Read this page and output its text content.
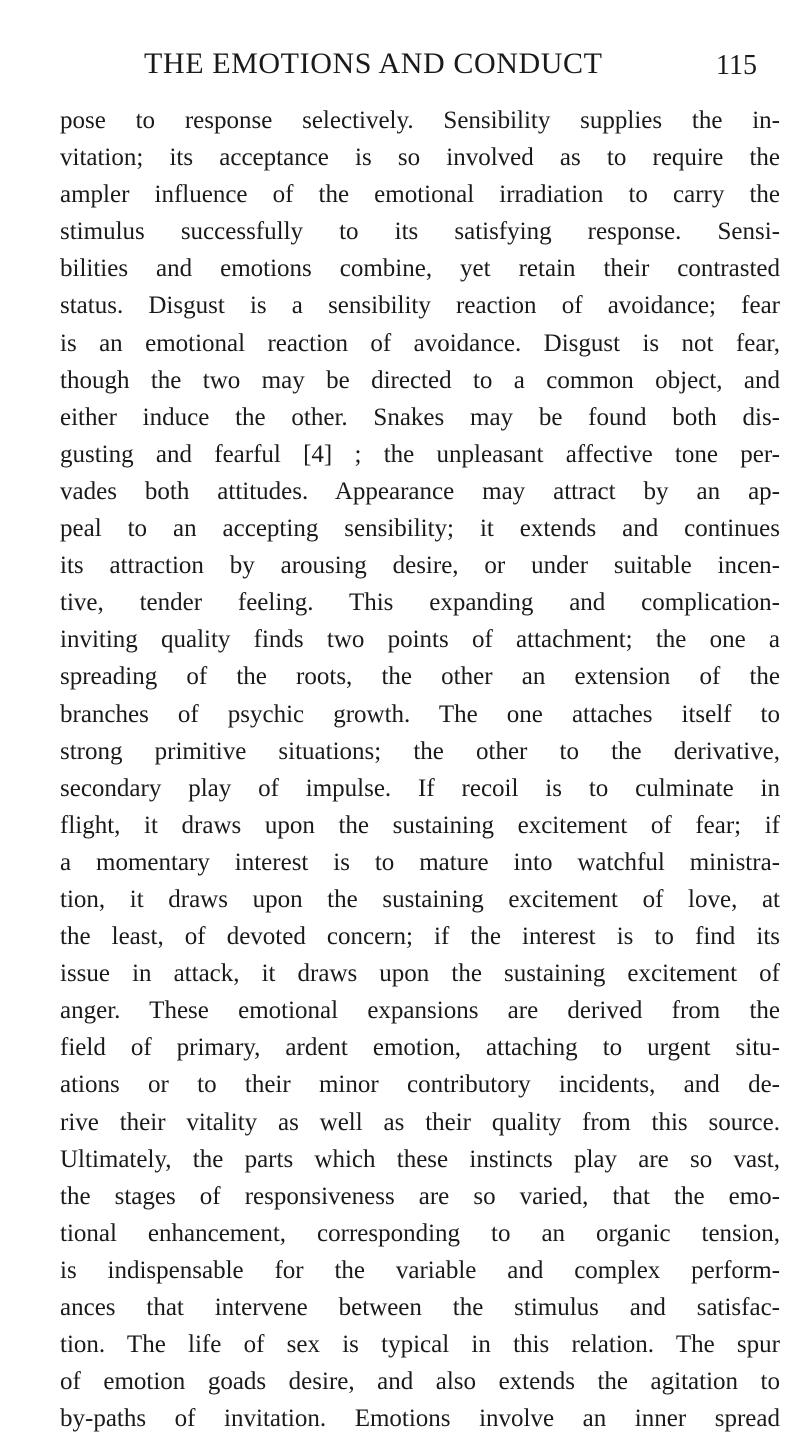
THE EMOTIONS AND CONDUCT	115
pose to response selectively. Sensibility supplies the in-
vitation; its acceptance is so involved as to require the
ampler influence of the emotional irradiation to carry the
stimulus successfully to its satisfying response. Sensi-
bilities and emotions combine, yet retain their contrasted
status. Disgust is a sensibility reaction of avoidance; fear
is an emotional reaction of avoidance. Disgust is not fear,
though the two may be directed to a common object, and
either induce the other. Snakes may be found both dis-
gusting and fearful [4] ; the unpleasant affective tone per-
vades both attitudes. Appearance may attract by an ap-
peal to an accepting sensibility; it extends and continues
its attraction by arousing desire, or under suitable incen-
tive, tender feeling. This expanding and complication-
inviting quality finds two points of attachment; the one a
spreading of the roots, the other an extension of the
branches of psychic growth. The one attaches itself to
strong primitive situations; the other to the derivative,
secondary play of impulse. If recoil is to culminate in
flight, it draws upon the sustaining excitement of fear; if
a momentary interest is to mature into watchful ministra-
tion, it draws upon the sustaining excitement of love, at
the least, of devoted concern; if the interest is to find its
issue in attack, it draws upon the sustaining excitement of
anger. These emotional expansions are derived from the
field of primary, ardent emotion, attaching to urgent situ-
ations or to their minor contributory incidents, and de-
rive their vitality as well as their quality from this source.
Ultimately, the parts which these instincts play are so vast,
the stages of responsiveness are so varied, that the emo-
tional enhancement, corresponding to an organic tension,
is indispensable for the variable and complex perform-
ances that intervene between the stimulus and satisfac-
tion. The life of sex is typical in this relation. The spur
of emotion goads desire, and also extends the agitation to
by-paths of invitation. Emotions involve an inner spread
